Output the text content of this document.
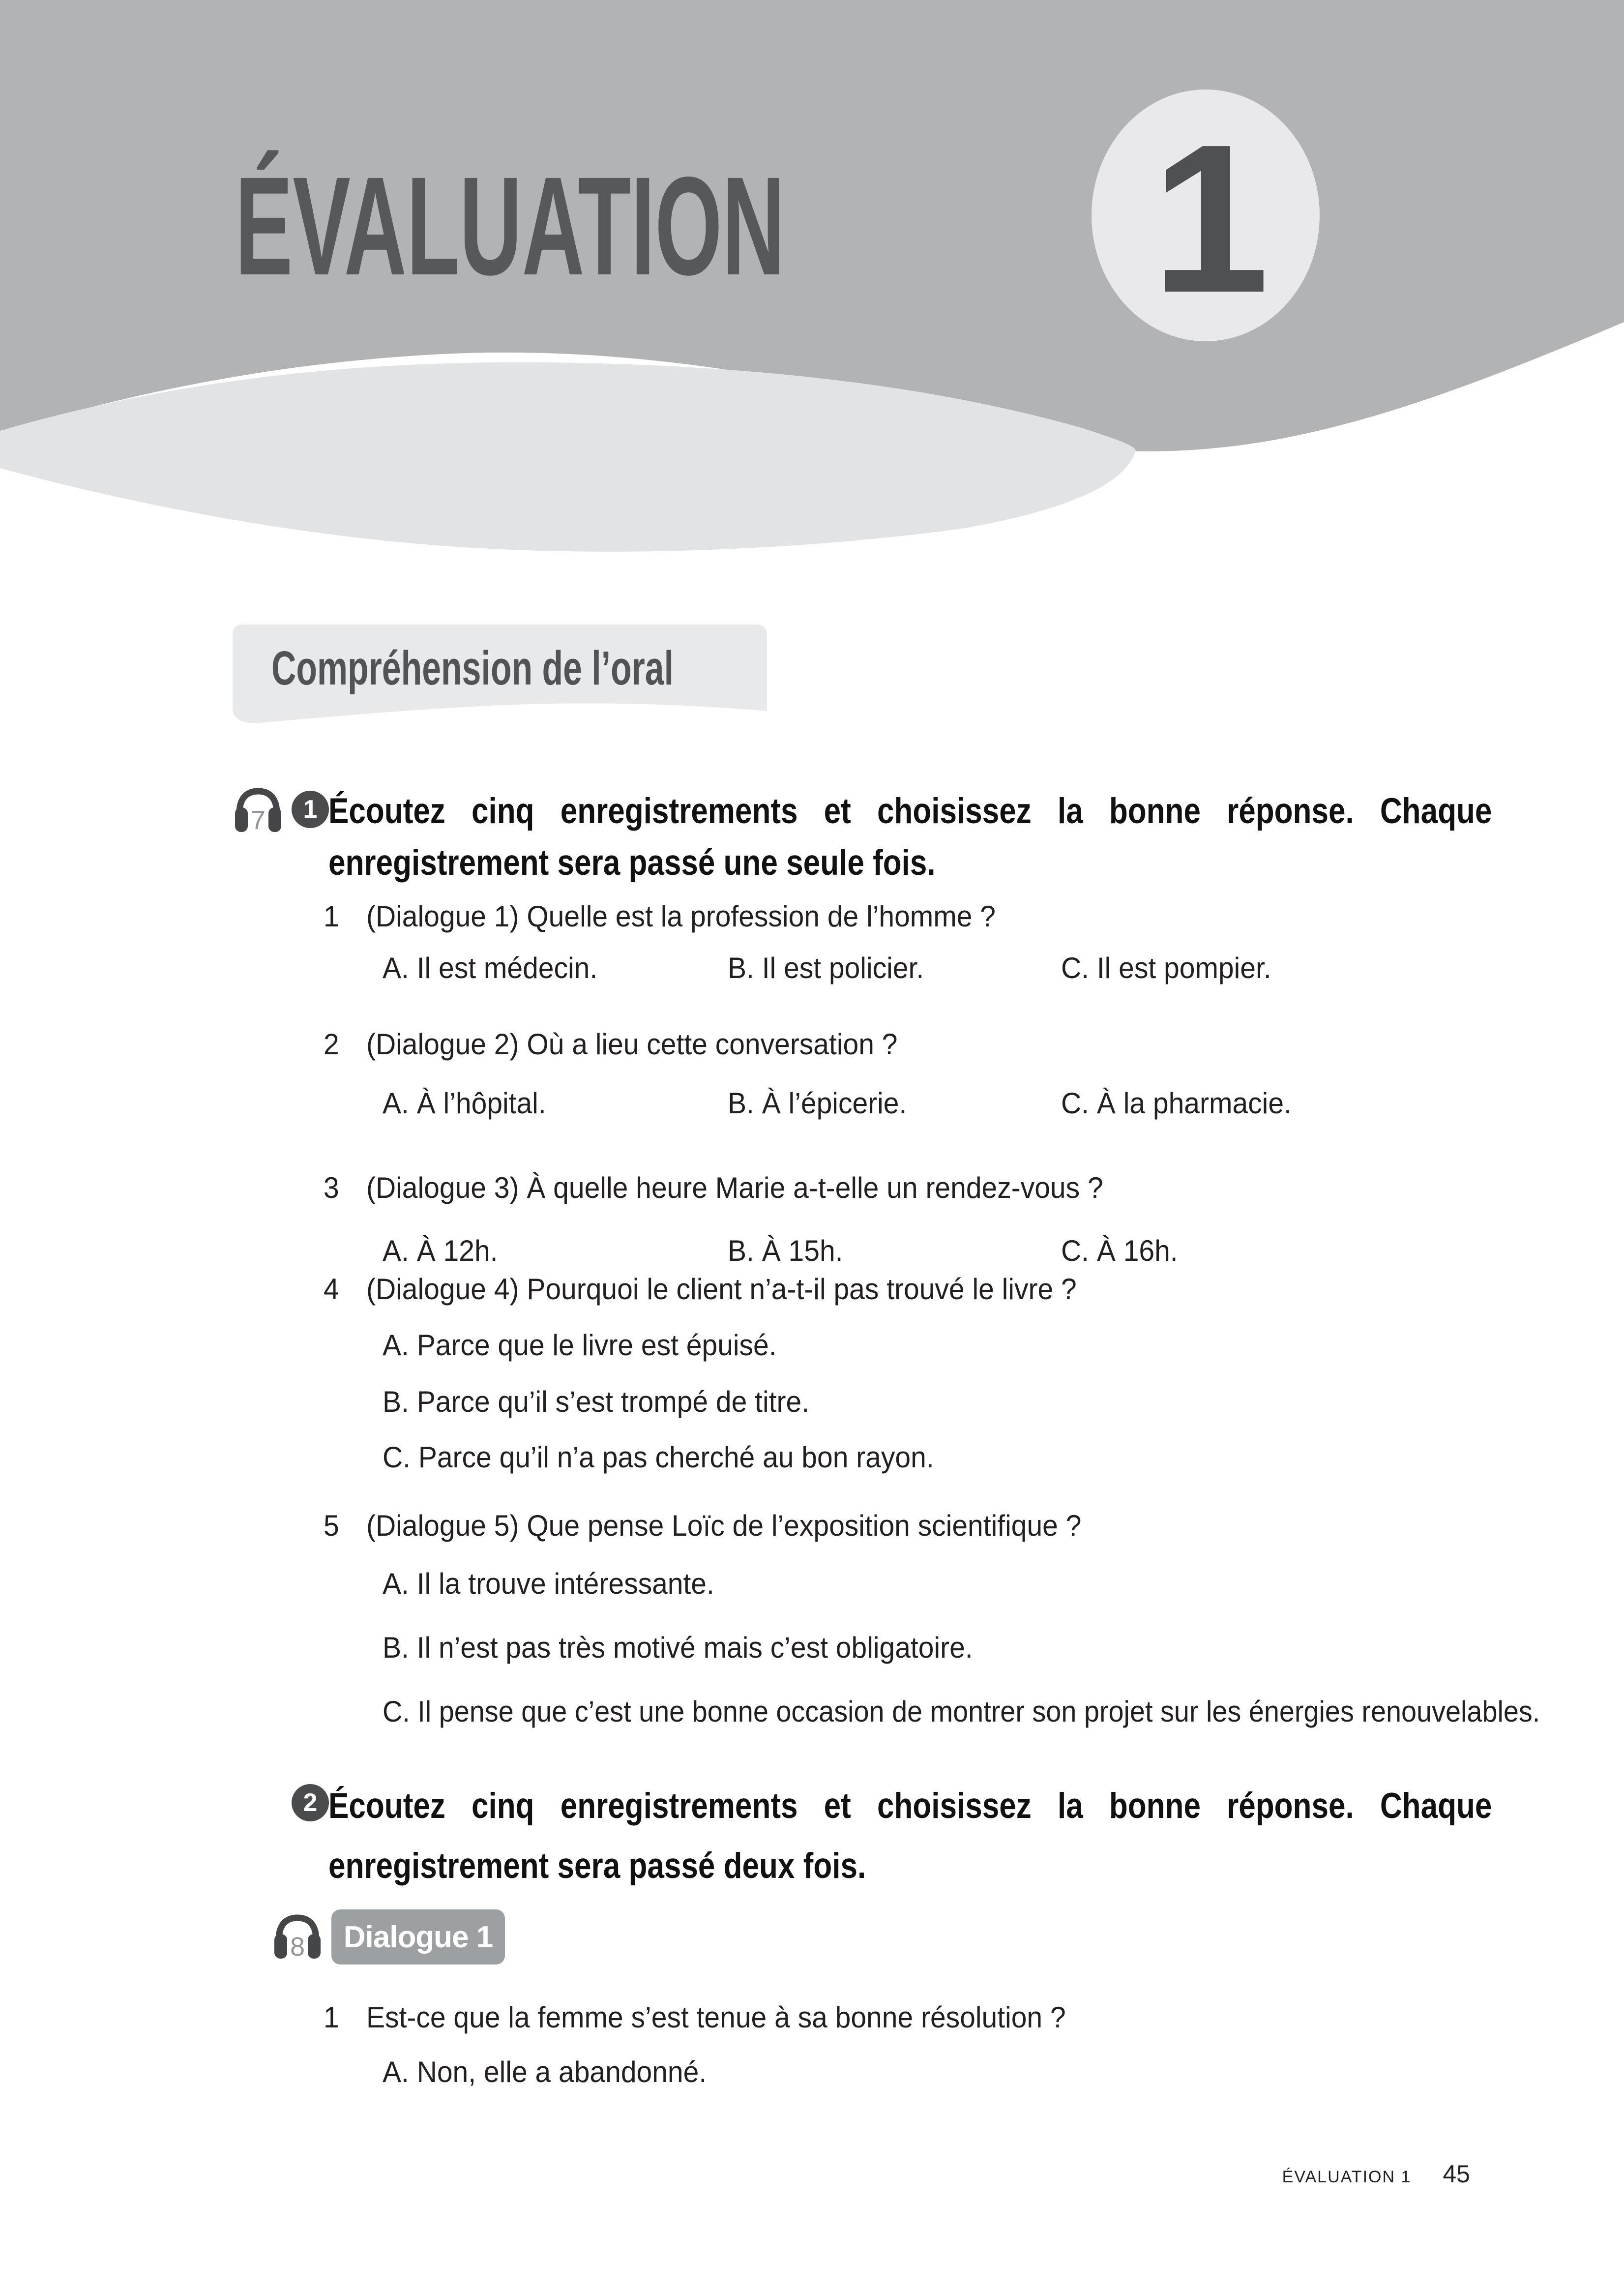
1
ÉVALUATION
Compréhension de l’oral
7	1 Écoutez cinq enregistrements et choisissez la bonne réponse. Chaque
enregistrement sera passé une seule fois.
1 (Dialogue 1) Quelle est la profession de l’homme ?
A. Il est médecin.	B. Il est policier.	C. Il est pompier.
2 (Dialogue 2) Où a lieu cette conversation ?
A. À l’hôpital.	B. À l’épicerie.	C. À la pharmacie.
3 (Dialogue 3) À quelle heure Marie a-t-elle un rendez-vous ?
A. À 12h.	B. À 15h.	C. À 16h.
4 (Dialogue 4) Pourquoi le client n’a-t-il pas trouvé le livre ?
A. Parce que le livre est épuisé.
B. Parce qu’il s’est trompé de titre.
C. Parce qu’il n’a pas cherché au bon rayon.
5 (Dialogue 5) Que pense Loïc de l’exposition scientifique ?
A. Il la trouve intéressante.
B. Il n’est pas très motivé mais c’est obligatoire.
C. Il pense que c’est une bonne occasion de montrer son projet sur les énergies renouvelables.
2 Écoutez cinq enregistrements et choisissez la bonne réponse. Chaque
enregistrement sera passé deux fois.
8 Dialogue 1
1 Est-ce que la femme s’est tenue à sa bonne résolution ?
A. Non, elle a abandonné.
ÉVALUATION 1 45
